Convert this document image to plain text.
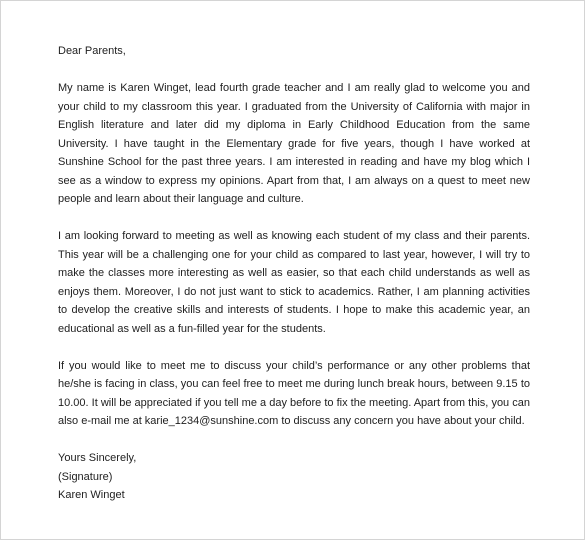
Dear Parents,

My name is Karen Winget, lead fourth grade teacher and I am really glad to welcome you and your child to my classroom this year. I graduated from the University of California with major in English literature and later did my diploma in Early Childhood Education from the same University. I have taught in the Elementary grade for five years, though I have worked at Sunshine School for the past three years. I am interested in reading and have my blog which I see as a window to express my opinions. Apart from that, I am always on a quest to meet new people and learn about their language and culture.

I am looking forward to meeting as well as knowing each student of my class and their parents. This year will be a challenging one for your child as compared to last year, however, I will try to make the classes more interesting as well as easier, so that each child understands as well as enjoys them. Moreover, I do not just want to stick to academics. Rather, I am planning activities to develop the creative skills and interests of students. I hope to make this academic year, an educational as well as a fun-filled year for the students.

If you would like to meet me to discuss your child’s performance or any other problems that he/she is facing in class, you can feel free to meet me during lunch break hours, between 9.15 to 10.00. It will be appreciated if you tell me a day before to fix the meeting. Apart from this, you can also e-mail me at karie_1234@sunshine.com to discuss any concern you have about your child.

Yours Sincerely,

(Signature)

Karen Winget
